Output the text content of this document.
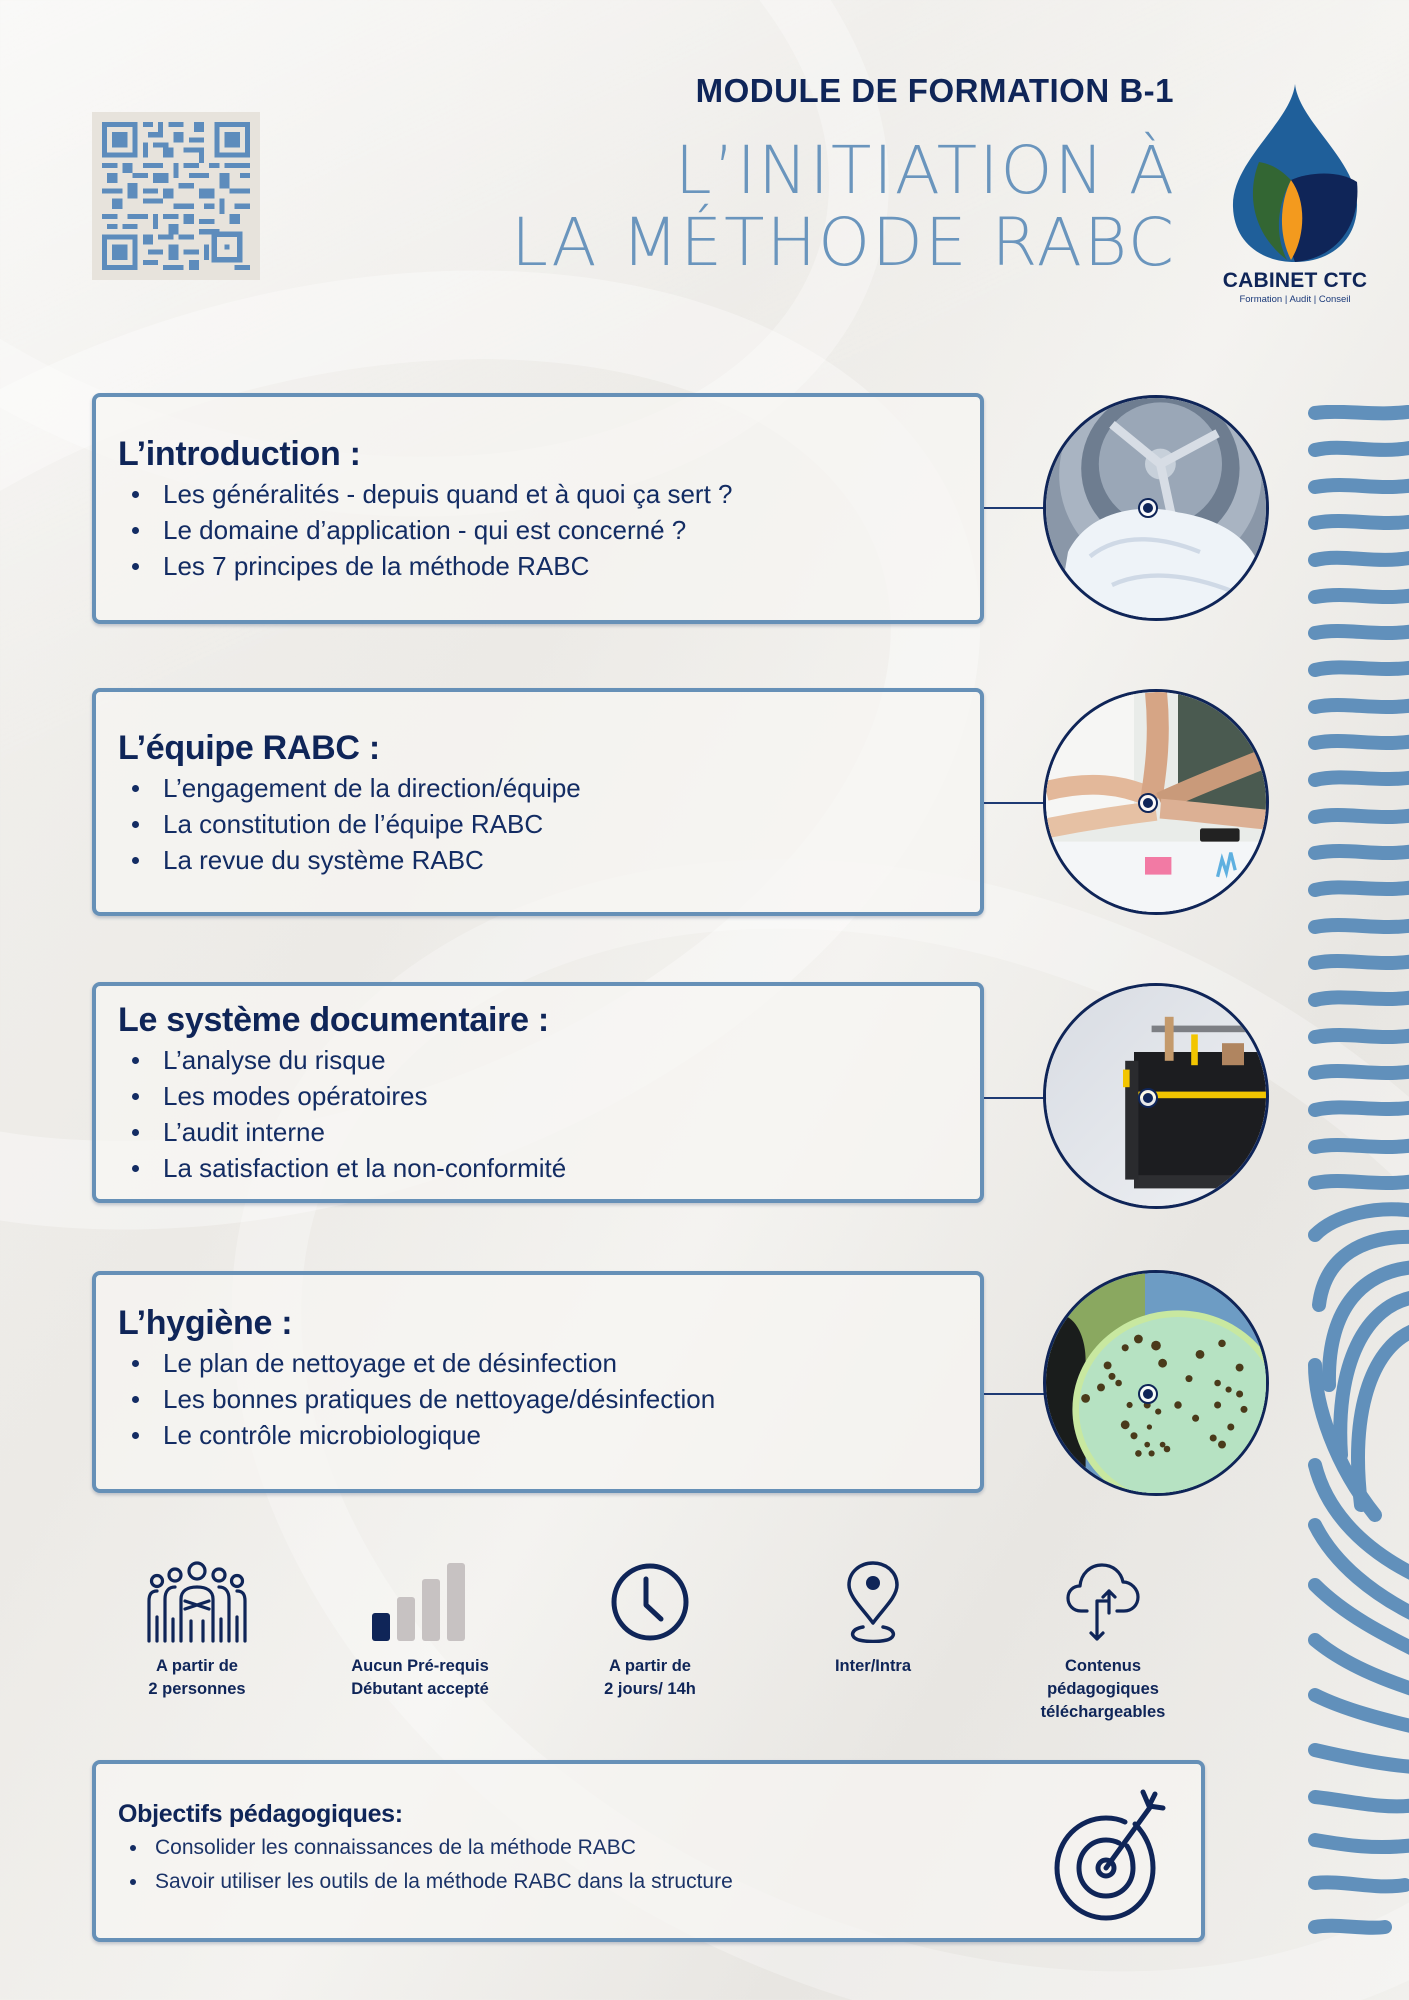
MODULE DE FORMATION B-1
L’INITIATION À
LA MÉTHODE RABC	CABINET CTC
Formation | Audit | Conseil
L’introduction :
Les généralités - depuis quand et à quoi ça sert ?
Le domaine d’application - qui est concerné ?
Les 7 principes de la méthode RABC
L’équipe RABC :
L’engagement de la direction/équipe
La constitution de l’équipe RABC
La revue du système RABC
Le système documentaire :
L’analyse du risque
Les modes opératoires
L’audit interne
La satisfaction et la non-conformité
L’hygiène :
Le plan de nettoyage et de désinfection
Les bonnes pratiques de nettoyage/désinfection
Le contrôle microbiologique
A partir de
2 personnes
Aucun Pré-requis
Débutant accepté
A partir de
2 jours/ 14h
Inter/Intra	Contenus
pédagogiques
téléchargeables
Objectifs pédagogiques:
Consolider les connaissances de la méthode RABC
Savoir utiliser les outils de la méthode RABC dans la structure
